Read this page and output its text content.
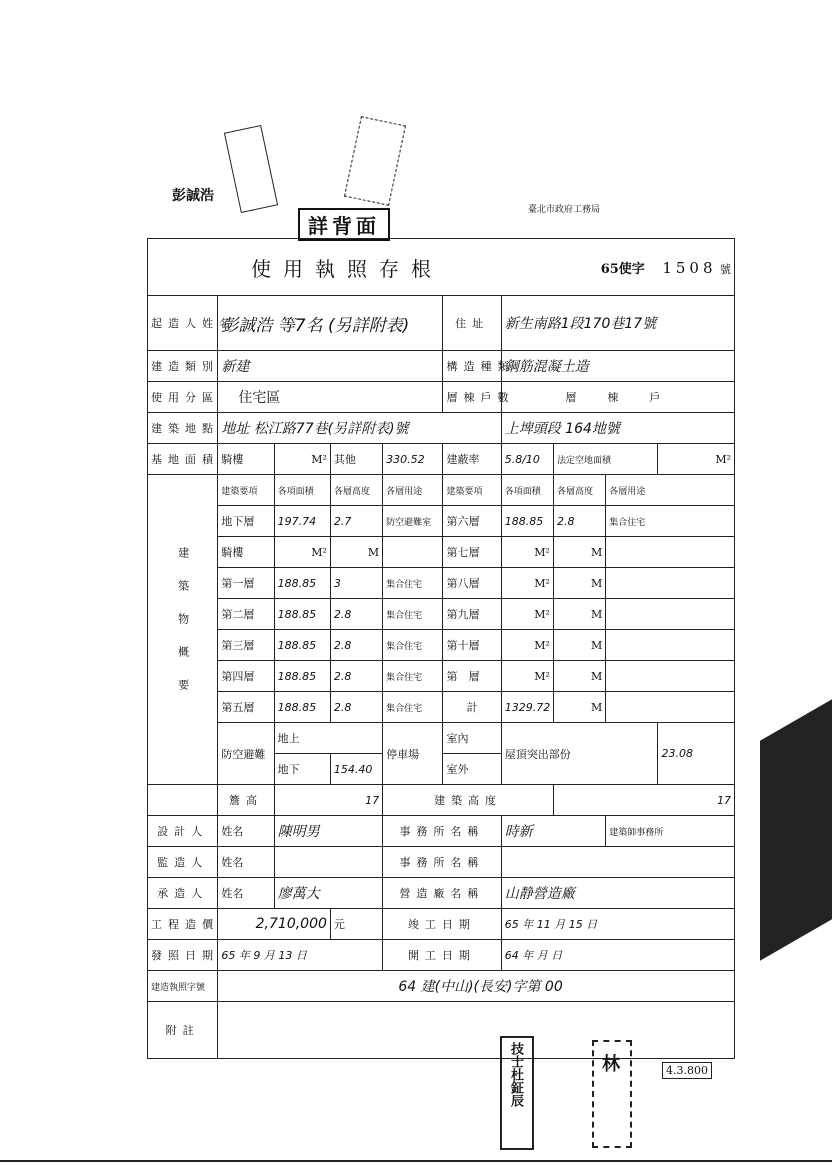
彭誠浩
詳背面
臺北市政府工務局
使用執照存根						65使字 1508 號			
起造人姓名	彭誠浩 等7名 (另詳附表)				住址	新生南路1段170巷17號			
建造類別	新建				構造種類	鋼筋混凝土造			
使用分區	住宅區				層棟戶數	層　棟　戶			
建築地點	地址 松江路77巷(另詳附表)號					上埤頭段 164地號			
基地面積	騎樓	M²	其他	330.52	建蔽率	5.8/10	法定空地面積		M²
建築物概要	建築要項	各項面積	各層高度	各層用途	建築要項	各項面積	各層高度	各層用途	
	地下層	197.74	2.7	防空避難室	第六層	188.85	2.8	集合住宅	
	騎樓	M²	M		第七層	M²	M		
	第一層	188.85	3	集合住宅	第八層	M²	M		
	第二層	188.85	2.8	集合住宅	第九層	M²	M		
	第三層	188.85	2.8	集合住宅	第十層	M²	M		
	第四層	188.85	2.8	集合住宅	第　層	M²	M		
	第五層	188.85	2.8	集合住宅	計	1329.72	M		
	防空避難	地上		停車場	室內	屋頂突出部份			23.08
		地下	154.40		室外				
	簷高	17		建築高度			17		
設計人	姓名	陳明男		事務所名稱		時新		建築師事務所	
監造人	姓名			事務所名稱					
承造人	姓名	廖萬大		營造廠名稱		山静營造廠			
工程造價	2,710,000		元	竣工日期		65 年 11 月 15 日			
發照日期	65 年 9 月 13 日			開工日期		64 年 月 日			
建造執照字號	64 建(中山)(長安)字第 00								
附註									
技士杜鉦辰	林	4.3.800
